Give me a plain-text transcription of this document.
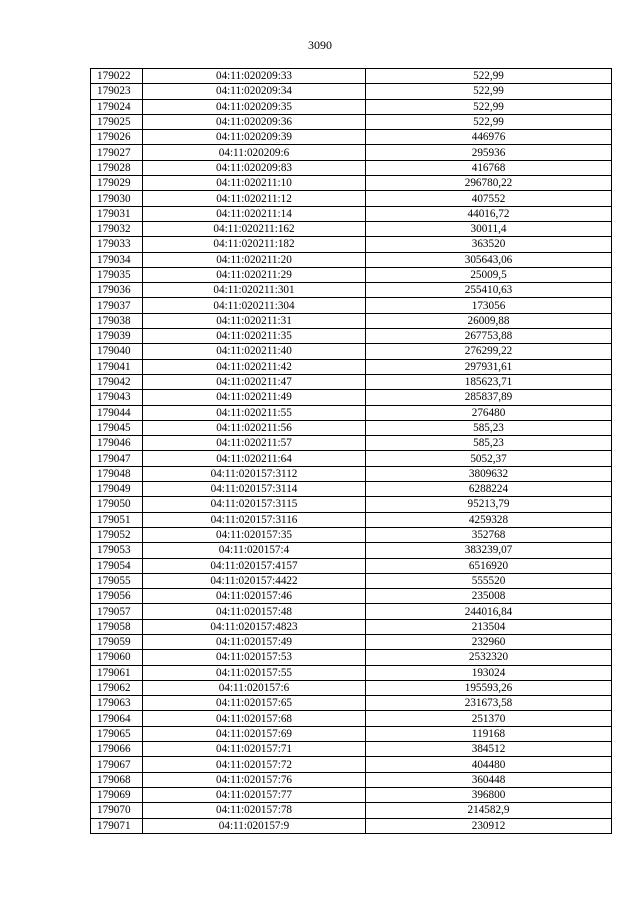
3090
179022	04:11:020209:33	522,99
179023	04:11:020209:34	522,99
179024	04:11:020209:35	522,99
179025	04:11:020209:36	522,99
179026	04:11:020209:39	446976
179027	04:11:020209:6	295936
179028	04:11:020209:83	416768
179029	04:11:020211:10	296780,22
179030	04:11:020211:12	407552
179031	04:11:020211:14	44016,72
179032	04:11:020211:162	30011,4
179033	04:11:020211:182	363520
179034	04:11:020211:20	305643,06
179035	04:11:020211:29	25009,5
179036	04:11:020211:301	255410,63
179037	04:11:020211:304	173056
179038	04:11:020211:31	26009,88
179039	04:11:020211:35	267753,88
179040	04:11:020211:40	276299,22
179041	04:11:020211:42	297931,61
179042	04:11:020211:47	185623,71
179043	04:11:020211:49	285837,89
179044	04:11:020211:55	276480
179045	04:11:020211:56	585,23
179046	04:11:020211:57	585,23
179047	04:11:020211:64	5052,37
179048	04:11:020157:3112	3809632
179049	04:11:020157:3114	6288224
179050	04:11:020157:3115	95213,79
179051	04:11:020157:3116	4259328
179052	04:11:020157:35	352768
179053	04:11:020157:4	383239,07
179054	04:11:020157:4157	6516920
179055	04:11:020157:4422	555520
179056	04:11:020157:46	235008
179057	04:11:020157:48	244016,84
179058	04:11:020157:4823	213504
179059	04:11:020157:49	232960
179060	04:11:020157:53	2532320
179061	04:11:020157:55	193024
179062	04:11:020157:6	195593,26
179063	04:11:020157:65	231673,58
179064	04:11:020157:68	251370
179065	04:11:020157:69	119168
179066	04:11:020157:71	384512
179067	04:11:020157:72	404480
179068	04:11:020157:76	360448
179069	04:11:020157:77	396800
179070	04:11:020157:78	214582,9
179071	04:11:020157:9	230912
